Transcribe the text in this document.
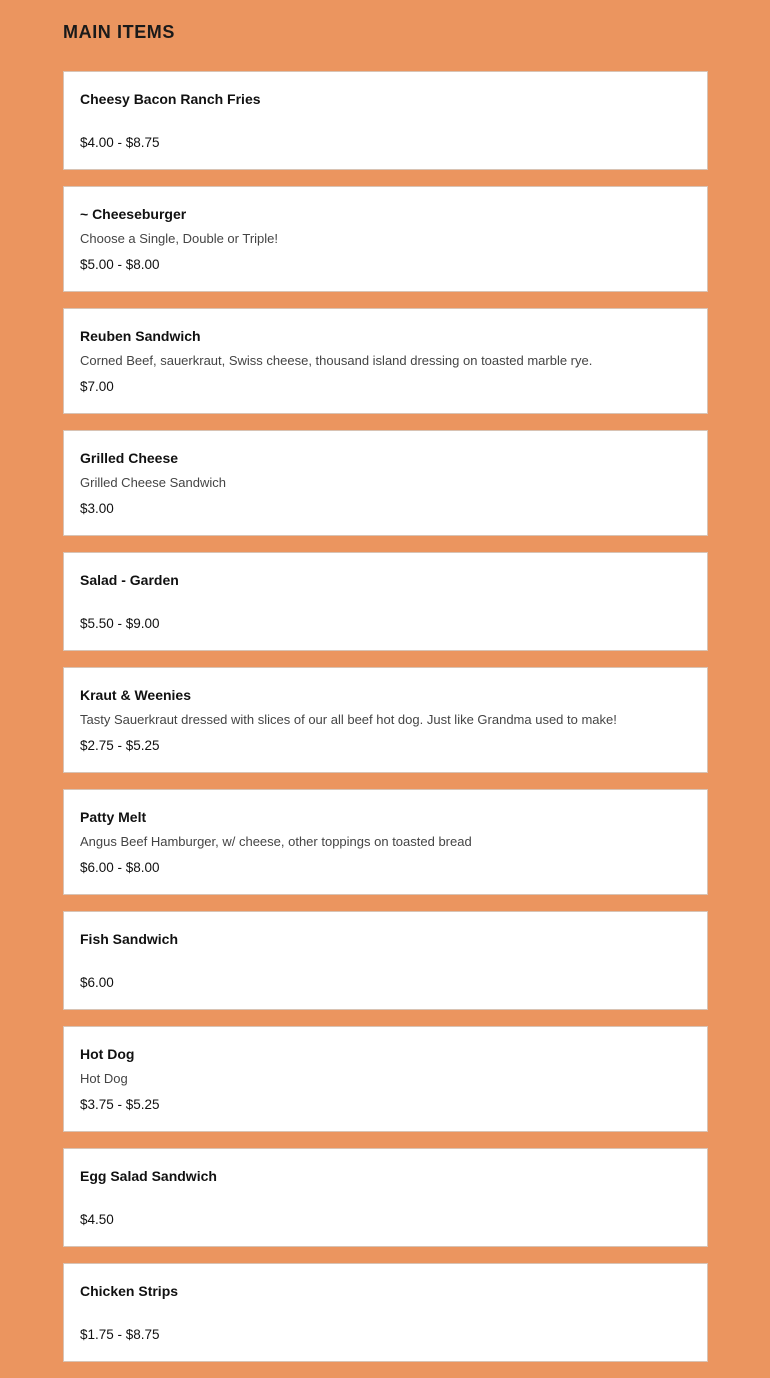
MAIN ITEMS
Cheesy Bacon Ranch Fries
$4.00 - $8.75
~ Cheeseburger
Choose a Single, Double or Triple!
$5.00 - $8.00
Reuben Sandwich
Corned Beef, sauerkraut, Swiss cheese, thousand island dressing on toasted marble rye.
$7.00
Grilled Cheese
Grilled Cheese Sandwich
$3.00
Salad - Garden
$5.50 - $9.00
Kraut & Weenies
Tasty Sauerkraut dressed with slices of our all beef hot dog. Just like Grandma used to make!
$2.75 - $5.25
Patty Melt
Angus Beef Hamburger, w/ cheese, other toppings on toasted bread
$6.00 - $8.00
Fish Sandwich
$6.00
Hot Dog
Hot Dog
$3.75 - $5.25
Egg Salad Sandwich
$4.50
Chicken Strips
$1.75 - $8.75
